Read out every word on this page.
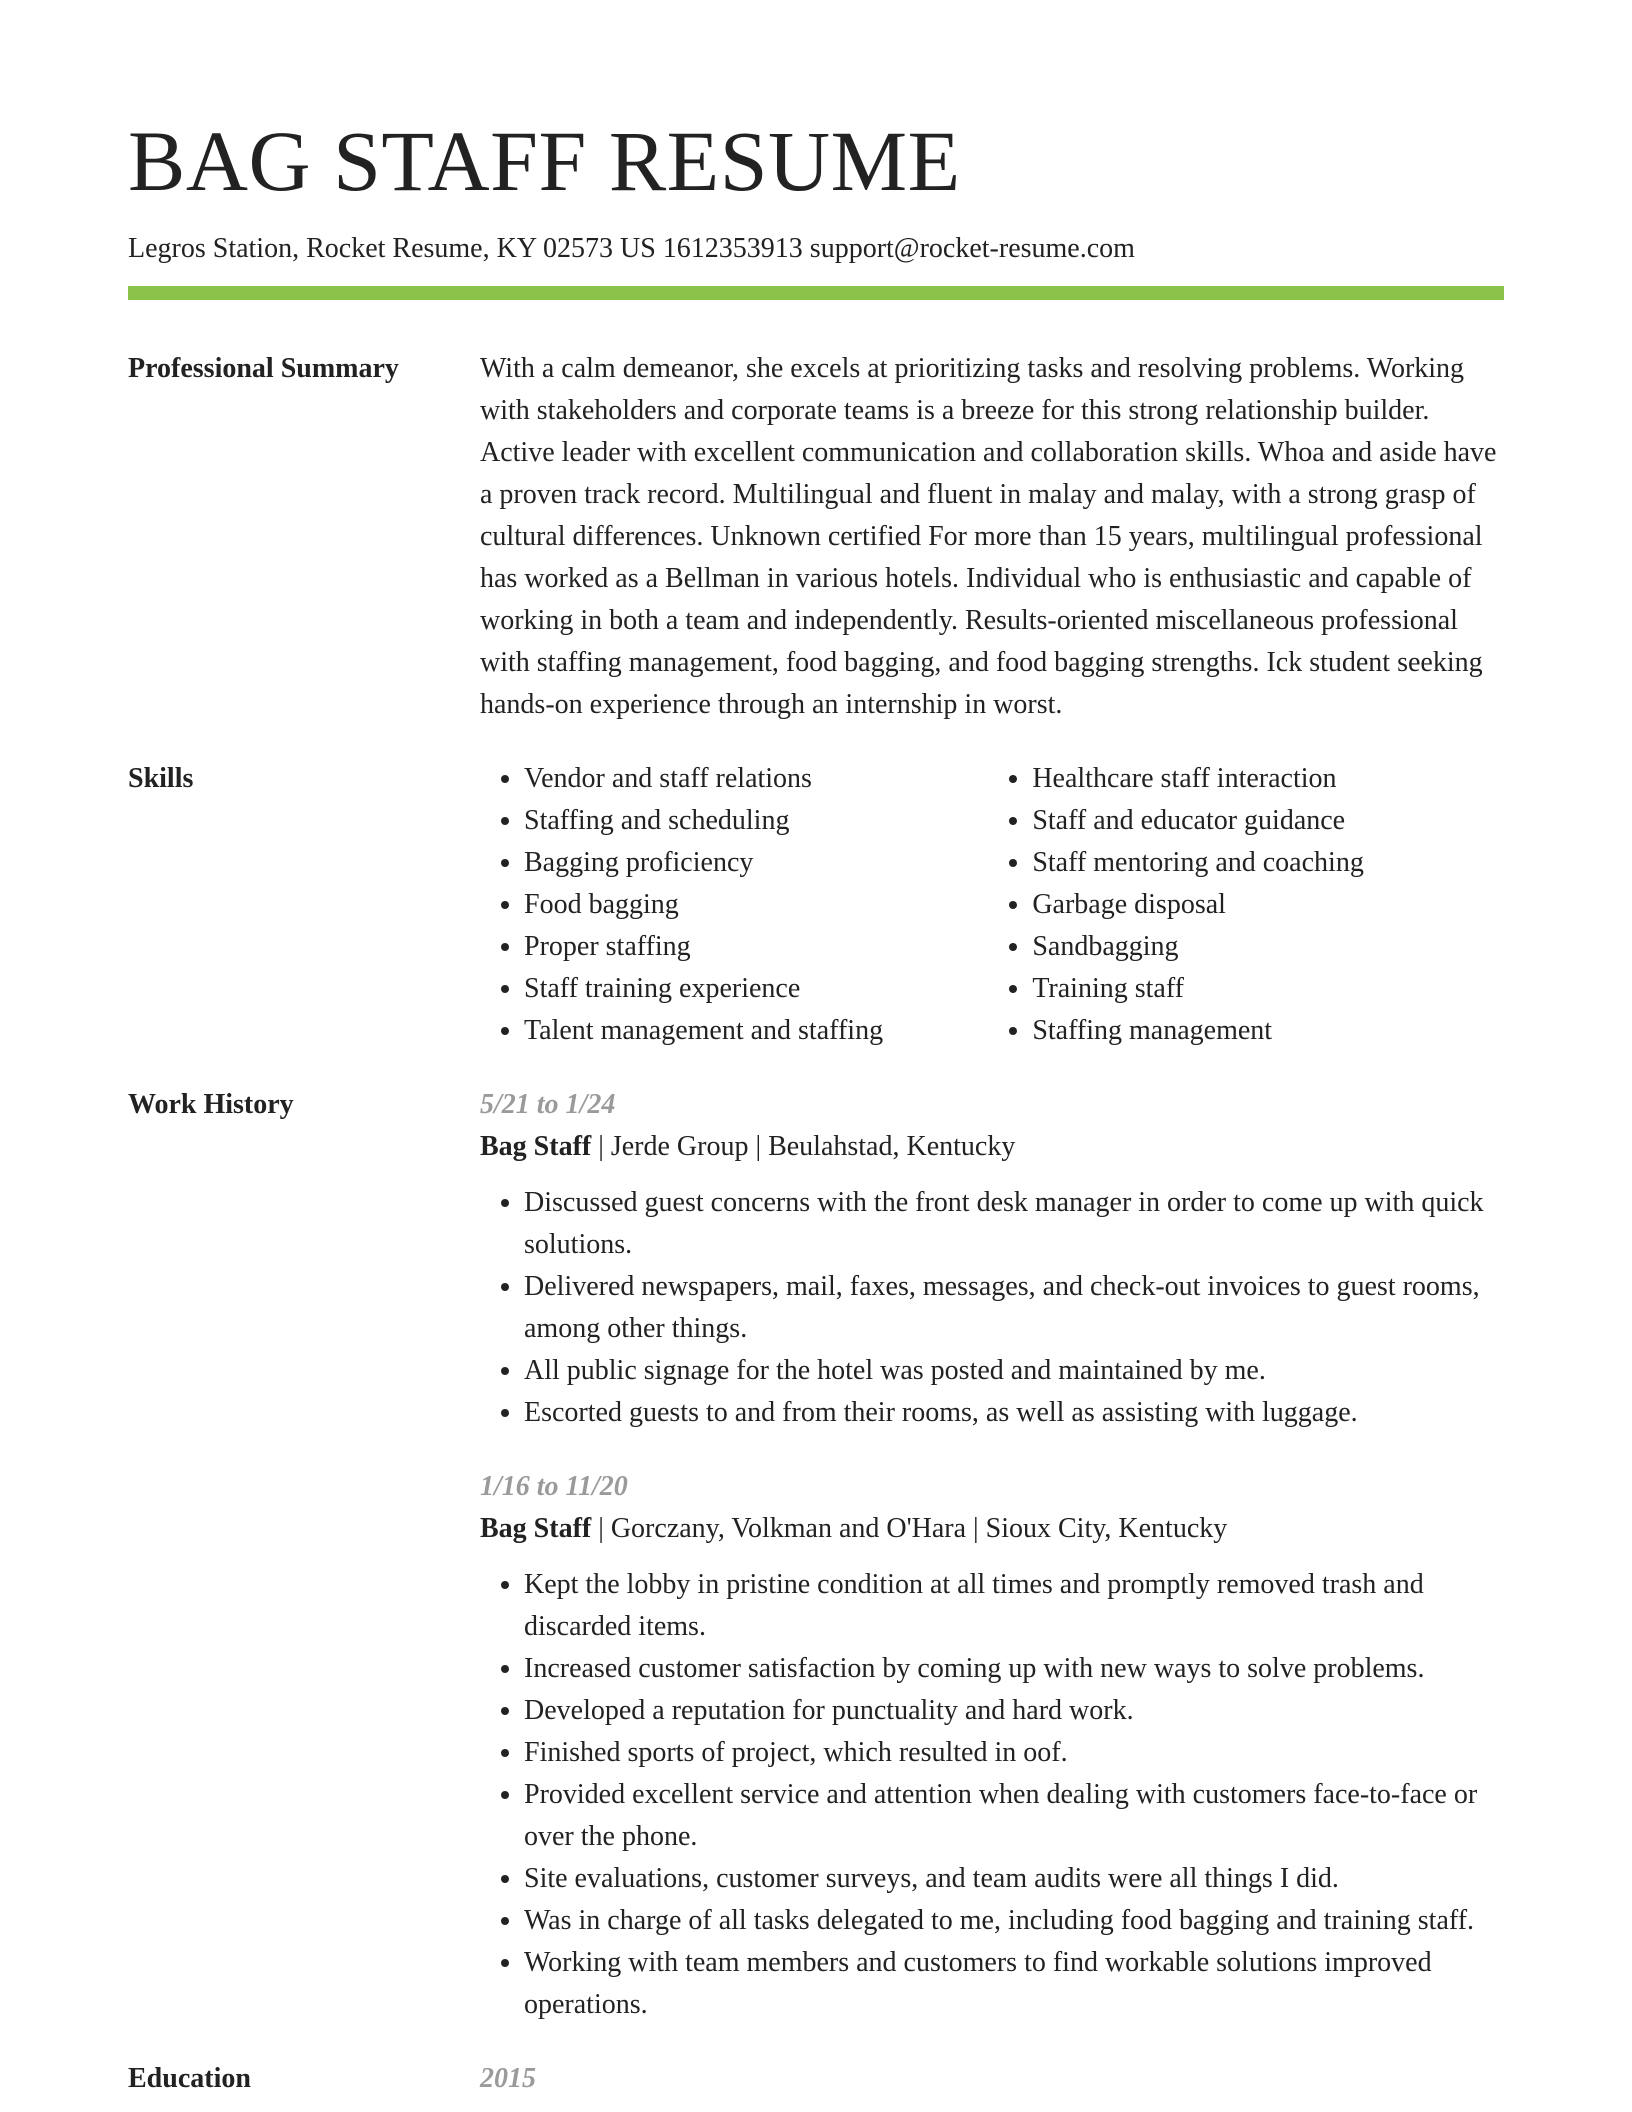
BAG STAFF RESUME
Legros Station, Rocket Resume, KY 02573 US 1612353913 support@rocket-resume.com
Professional Summary	With a calm demeanor, she excels at prioritizing tasks and resolving problems. Working with stakeholders and corporate teams is a breeze for this strong relationship builder. Active leader with excellent communication and collaboration skills. Whoa and aside have a proven track record. Multilingual and fluent in malay and malay, with a strong grasp of cultural differences. Unknown certified For more than 15 years, multilingual professional has worked as a Bellman in various hotels. Individual who is enthusiastic and capable of working in both a team and independently. Results-oriented miscellaneous professional with staffing management, food bagging, and food bagging strengths. Ick student seeking hands-on experience through an internship in worst.

Skills
•	Vendor and staff relations
• Staffing and scheduling
• Bagging proficiency
• Food bagging
• Proper staffing
• Staff training experience
• Talent management and staffing
• Healthcare staff interaction
• Staff and educator guidance
• Staff mentoring and coaching
• Garbage disposal
• Sandbagging
• Training staff
• Staffing management
Work History	5/21 to 1/24
Bag Staff | Jerde Group | Beulahstad, Kentucky
• Discussed guest concerns with the front desk manager in order to come up with quick solutions.
• Delivered newspapers, mail, faxes, messages, and check-out invoices to guest rooms, among other things.
• All public signage for the hotel was posted and maintained by me.
• Escorted guests to and from their rooms, as well as assisting with luggage.
1/16 to 11/20
Bag Staff | Gorczany, Volkman and O'Hara | Sioux City, Kentucky
• Kept the lobby in pristine condition at all times and promptly removed trash and discarded items.
• Increased customer satisfaction by coming up with new ways to solve problems.
• Developed a reputation for punctuality and hard work.
• Finished sports of project, which resulted in oof.
• Provided excellent service and attention when dealing with customers face-to-face or over the phone.
• Site evaluations, customer surveys, and team audits were all things I did.
• Was in charge of all tasks delegated to me, including food bagging and training staff.
• Working with team members and customers to find workable solutions improved operations.
Education	2015
